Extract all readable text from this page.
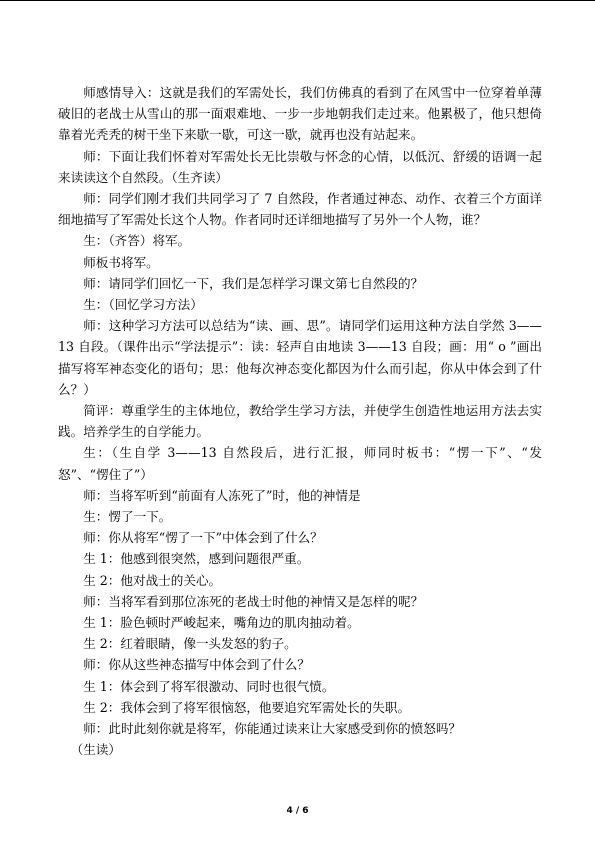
师感情导入：这就是我们的军需处长，我们仿佛真的看到了在风雪中一位穿着单薄破旧的老战士从雪山的那一面艰难地、一步一步地朝我们走过来。他累极了，他只想倚靠着光秃秃的树干坐下来歇一歇，可这一歇，就再也没有站起来。

师：下面让我们怀着对军需处长无比崇敬与怀念的心情，以低沉、舒缓的语调一起来读读这个自然段。（生齐读）

师：同学们刚才我们共同学习了 7 自然段，作者通过神态、动作、衣着三个方面详细地描写了军需处长这个人物。作者同时还详细地描写了另外一个人物，谁？

生：（齐答）将军。

师板书将军。

师：请同学们回忆一下，我们是怎样学习课文第七自然段的？

生：（回忆学习方法）

师：这种学习方法可以总结为“读、画、思”。请同学们运用这种方法自学然 3——13 自段。（课件出示“学法提示”：读：轻声自由地读 3——13 自段；画：用“ o ”画出描写将军神态变化的语句；思：他每次神态变化都因为什么而引起，你从中体会到了什么？）

简评：尊重学生的主体地位，教给学生学习方法，并使学生创造性地运用方法去实践。培养学生的自学能力。

生：（生自学 3——13 自然段后，进行汇报，师同时板书：“愣一下”、“发怒”、“愣住了”）

师：当将军听到“前面有人冻死了”时，他的神情是

生：愣了一下。

师：你从将军“愣了一下”中体会到了什么？

生 1：他感到很突然，感到问题很严重。

生 2：他对战士的关心。

师：当将军看到那位冻死的老战士时他的神情又是怎样的呢？

生 1：脸色顿时严峻起来，嘴角边的肌肉抽动着。

生 2：红着眼睛，像一头发怒的豹子。

师：你从这些神态描写中体会到了什么？

生 1：体会到了将军很激动、同时也很气愤。

生 2：我体会到了将军很恼怒，他要追究军需处长的失职。

师：此时此刻你就是将军，你能通过读来让大家感受到你的愤怒吗？

（生读）

4 / 6
